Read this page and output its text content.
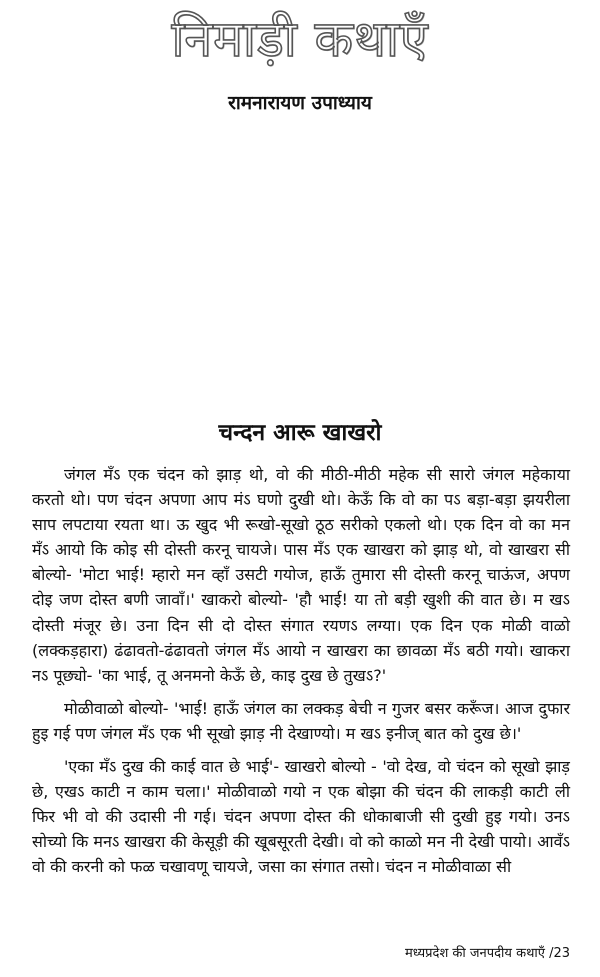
निमाड़ी कथाएँ
रामनारायण उपाध्याय
चन्दन आरू खाखरो

जंगल मँऽ एक चंदन को झाड़ थो, वो की मीठी-मीठी महेक सी सारो जंगल महेकाया करतो थो। पण चंदन अपणा आप मंऽ घणो दुखी थो। केऊँ कि वो का पऽ बड़ा-बड़ा झयरीला साप लपटाया रयता था। ऊ खुद भी रूखो-सूखो ठूठ सरीको एकलो थो। एक दिन वो का मन मँऽ आयो कि कोइ सी दोस्ती करनू चायजे। पास मँऽ एक खाखरा को झाड़ थो, वो खाखरा सी बोल्यो- 'मोटा भाई! म्हारो मन व्हाँ उसटी गयोज, हाऊँ तुमारा सी दोस्ती करनू चाऊंज, अपण दोइ जण दोस्त बणी जावाँ।' खाकरो बोल्यो- 'हौ भाई! या तो बड़ी खुशी की वात छे। म खऽ दोस्ती मंजूर छे। उना दिन सी दो दोस्त संगात रयणऽ लग्या। एक दिन एक मोळी वाळो (लक्कड़हारा) ढंढावतो-ढंढावतो जंगल मँऽ आयो न खाखरा का छावळा मँऽ बठी गयो। खाकरा नऽ पूछ्यो- 'का भाई, तू अनमनो केऊँ छे, काइ दुख छे तुखऽ?'

मोळीवाळो बोल्यो- 'भाई! हाऊँ जंगल का लक्कड़ बेची न गुजर बसर करूँज। आज दुफार हुइ गई पण जंगल मँऽ एक भी सूखो झाड़ नी देखाण्यो। म खऽ इनीज् बात को दुख छे।'

'एका मँऽ दुख की काई वात छे भाई'- खाखरो बोल्यो - 'वो देख, वो चंदन को सूखो झाड़ छे, एखऽ काटी न काम चला।' मोळीवाळो गयो न एक बोझा की चंदन की लाकड़ी काटी ली फिर भी वो की उदासी नी गई। चंदन अपणा दोस्त की धोकाबाजी सी दुखी हुइ गयो। उनऽ सोच्यो कि मनऽ खाखरा की केसूड़ी की खूबसूरती देखी। वो को काळो मन नी देखी पायो। आवँऽ वो की करनी को फळ चखावणू चायजे, जसा का संगात तसो। चंदन न मोळीवाळा सी

मध्यप्रदेश की जनपदीय कथाएँ /23
